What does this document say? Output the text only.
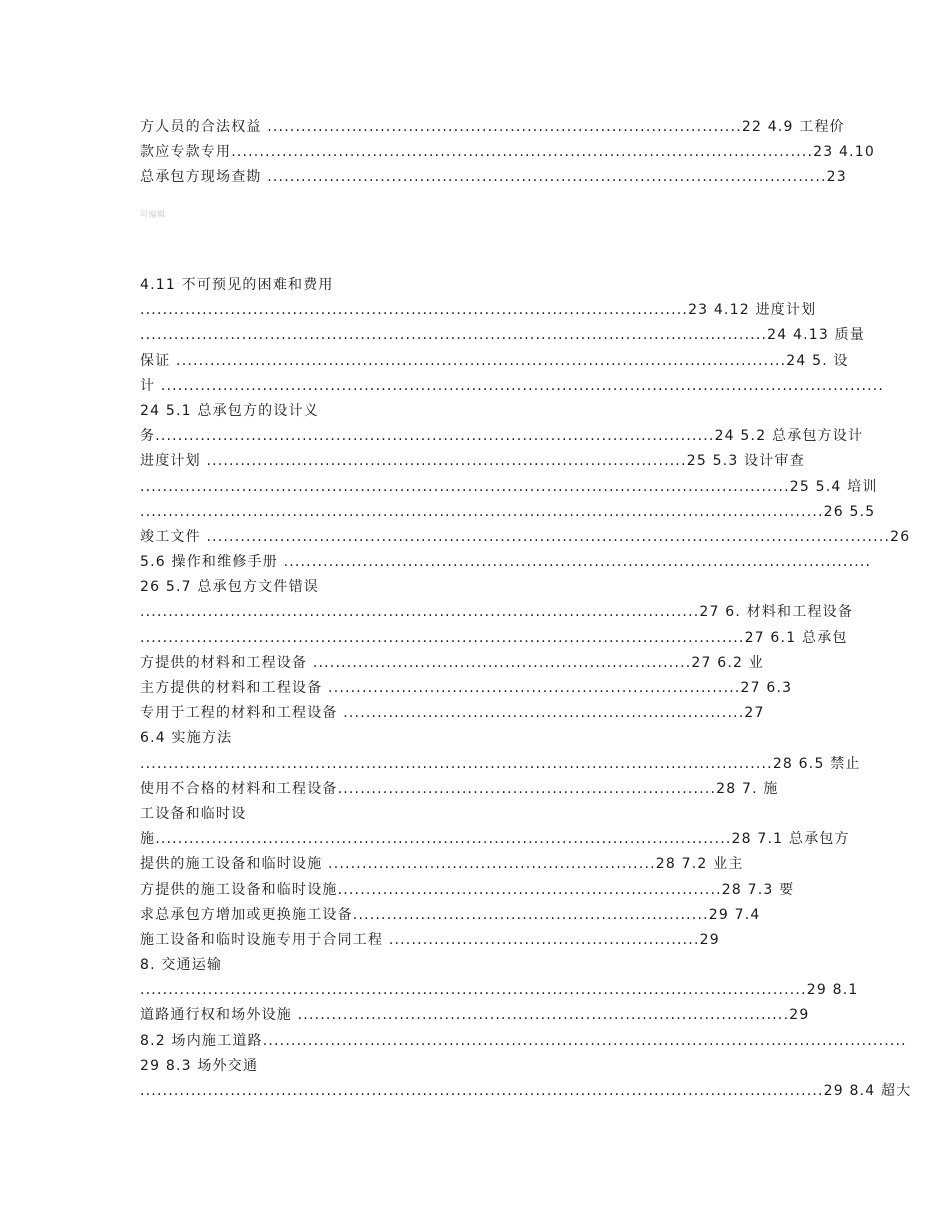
方人员的合法权益 ....................................................................................22 4.9 工程价
款应专款专用.......................................................................................................23 4.10
总承包方现场查勘 ...................................................................................................23
可编辑
4.11 不可预见的困难和费用
.................................................................................................23 4.12 进度计划
...............................................................................................................24 4.13 质量
保证 ............................................................................................................24 5. 设
计 ................................................................................................................................
24 5.1 总承包方的设计义
务...................................................................................................24 5.2 总承包方设计
进度计划 .....................................................................................25 5.3 设计审查
...................................................................................................................25 5.4 培训
.........................................................................................................................26 5.5
竣工文件 .........................................................................................................................26
5.6 操作和维修手册 ........................................................................................................
26 5.7 总承包方文件错误
...................................................................................................27 6. 材料和工程设备
...........................................................................................................27 6.1 总承包
方提供的材料和工程设备 ...................................................................27 6.2 业
主方提供的材料和工程设备 .........................................................................27 6.3
专用于工程的材料和工程设备 .......................................................................27
6.4 实施方法
................................................................................................................28 6.5 禁止
使用不合格的材料和工程设备...................................................................28 7. 施
工设备和临时设
施......................................................................................................28 7.1 总承包方
提供的施工设备和临时设施 ..........................................................28 7.2 业主
方提供的施工设备和临时设施....................................................................28 7.3 要
求总承包方增加或更换施工设备...............................................................29 7.4
施工设备和临时设施专用于合同工程 .......................................................29
8. 交通运输
......................................................................................................................29 8.1
道路通行权和场外设施 .......................................................................................29
8.2 场内施工道路..................................................................................................................
29 8.3 场外交通
.........................................................................................................................29 8.4 超大
